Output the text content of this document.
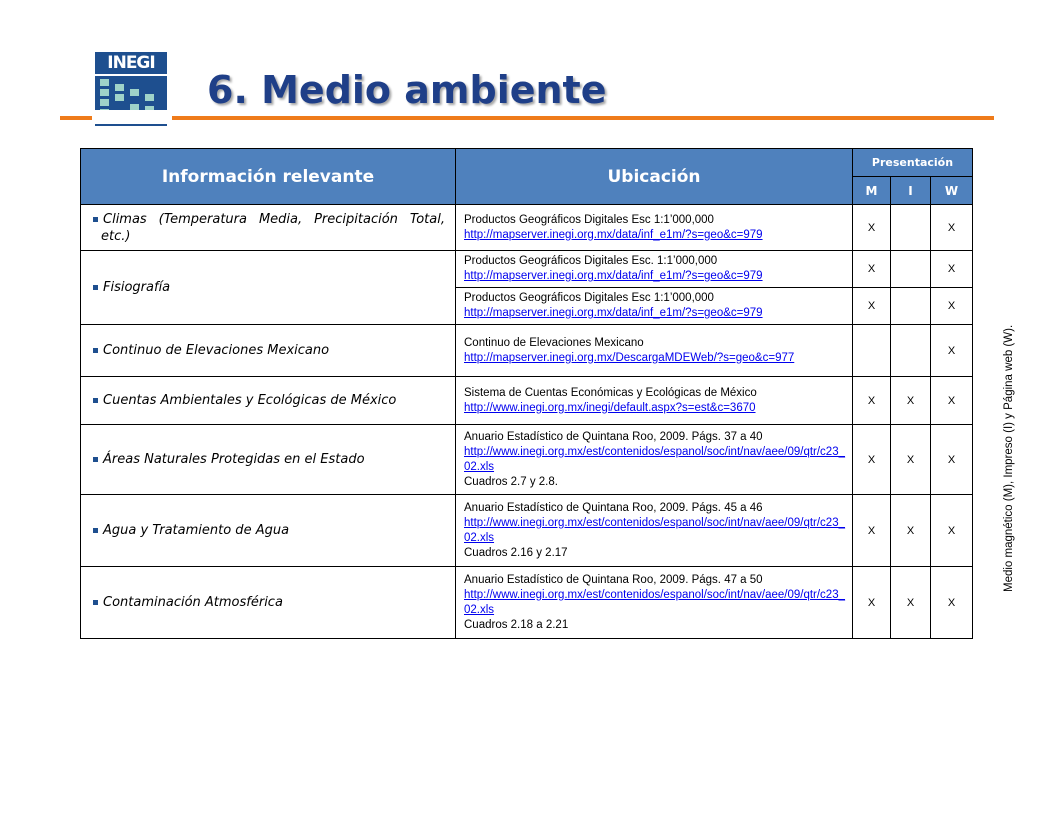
INEGI
6. Medio ambiente
Información relevante	Ubicación	Presentación		
		M	I	W
Climas (Temperatura Media, Precipitación Total, etc.)	Productos Geográficos Digitales Esc 1:1’000,000
http://mapserver.inegi.org.mx/data/inf_e1m/?s=geo&c=979	X		X
Fisiografía	Productos Geográficos Digitales Esc. 1:1’000,000
http://mapserver.inegi.org.mx/data/inf_e1m/?s=geo&c=979	X		X

	Productos Geográficos Digitales Esc 1:1’000,000
http://mapserver.inegi.org.mx/data/inf_e1m/?s=geo&c=979	X		X
Continuo de Elevaciones Mexicano	Continuo de Elevaciones Mexicano
http://mapserver.inegi.org.mx/DescargaMDEWeb/?s=geo&c=977			X
Cuentas Ambientales y Ecológicas de México	Sistema de Cuentas Económicas y Ecológicas de México
http://www.inegi.org.mx/inegi/default.aspx?s=est&c=3670	X	X	X
Áreas Naturales Protegidas en el Estado	Anuario Estadístico de Quintana Roo, 2009. Págs. 37 a 40
http://www.inegi.org.mx/est/contenidos/espanol/soc/int/nav/aee/09/qtr/c23_02.xls
Cuadros 2.7 y 2.8.	X	X	X
Agua y Tratamiento de Agua	Anuario Estadístico de Quintana Roo, 2009. Págs. 45 a 46
http://www.inegi.org.mx/est/contenidos/espanol/soc/int/nav/aee/09/qtr/c23_02.xls
Cuadros 2.16 y 2.17	X	X	X
Contaminación Atmosférica	Anuario Estadístico de Quintana Roo, 2009. Págs. 47 a 50
http://www.inegi.org.mx/est/contenidos/espanol/soc/int/nav/aee/09/qtr/c23_02.xls
Cuadros 2.18 a 2.21	X	X	X
Medio magnético (M), Impreso (I) y Página web (W).
